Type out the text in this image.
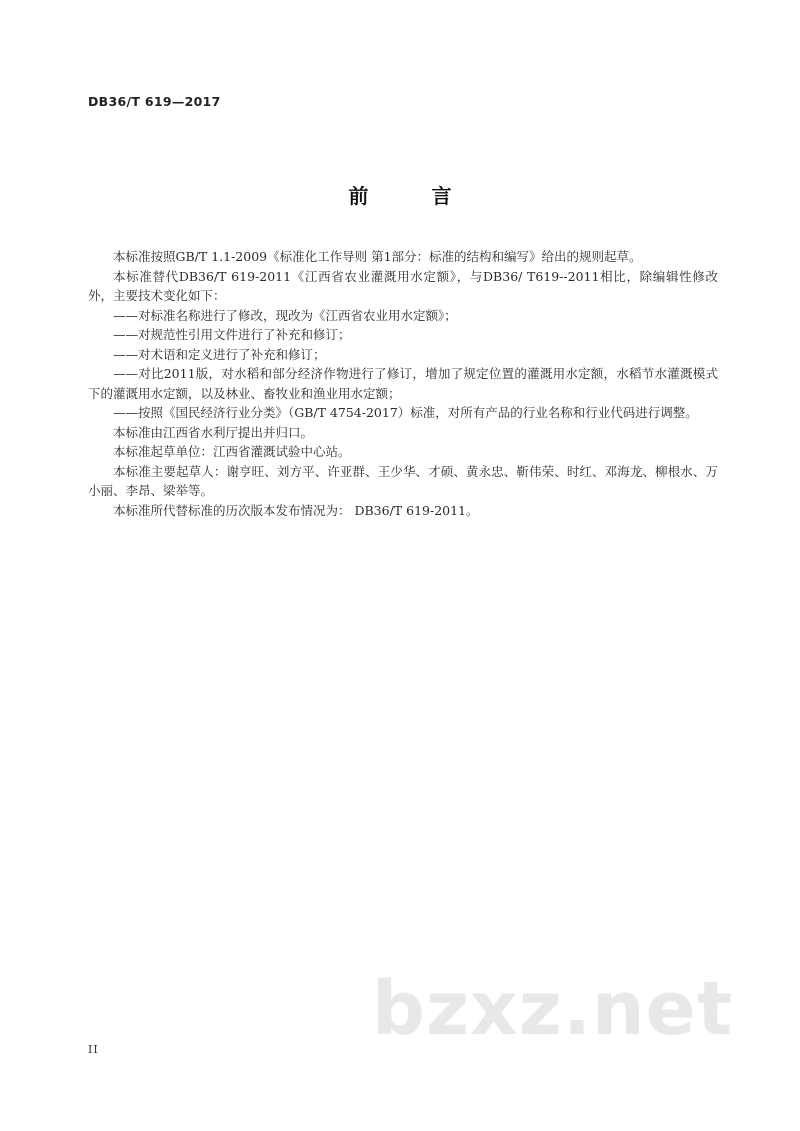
DB36/T 619—2017
前 言

本标准按照GB/T 1.1-2009《标准化工作导则 第1部分：标准的结构和编写》给出的规则起草。

本标准替代DB36/T 619-2011《江西省农业灌溉用水定额》，与DB36/ T619--2011相比，除编辑性修改外，主要技术变化如下：

——对标准名称进行了修改，现改为《江西省农业用水定额》；

——对规范性引用文件进行了补充和修订；

——对术语和定义进行了补充和修订；

——对比2011版，对水稻和部分经济作物进行了修订，增加了规定位置的灌溉用水定额，水稻节水灌溉模式下的灌溉用水定额，以及林业、畜牧业和渔业用水定额；

——按照《国民经济行业分类》（GB/T 4754-2017）标准，对所有产品的行业名称和行业代码进行调整。

本标准由江西省水利厅提出并归口。

本标准起草单位：江西省灌溉试验中心站。

本标准主要起草人：谢亨旺、刘方平、许亚群、王少华、才硕、黄永忠、靳伟荣、时红、邓海龙、柳根水、万小丽、李昂、梁举等。

本标准所代替标准的历次版本发布情况为： DB36/T 619-2011。

bzxz.net
II
